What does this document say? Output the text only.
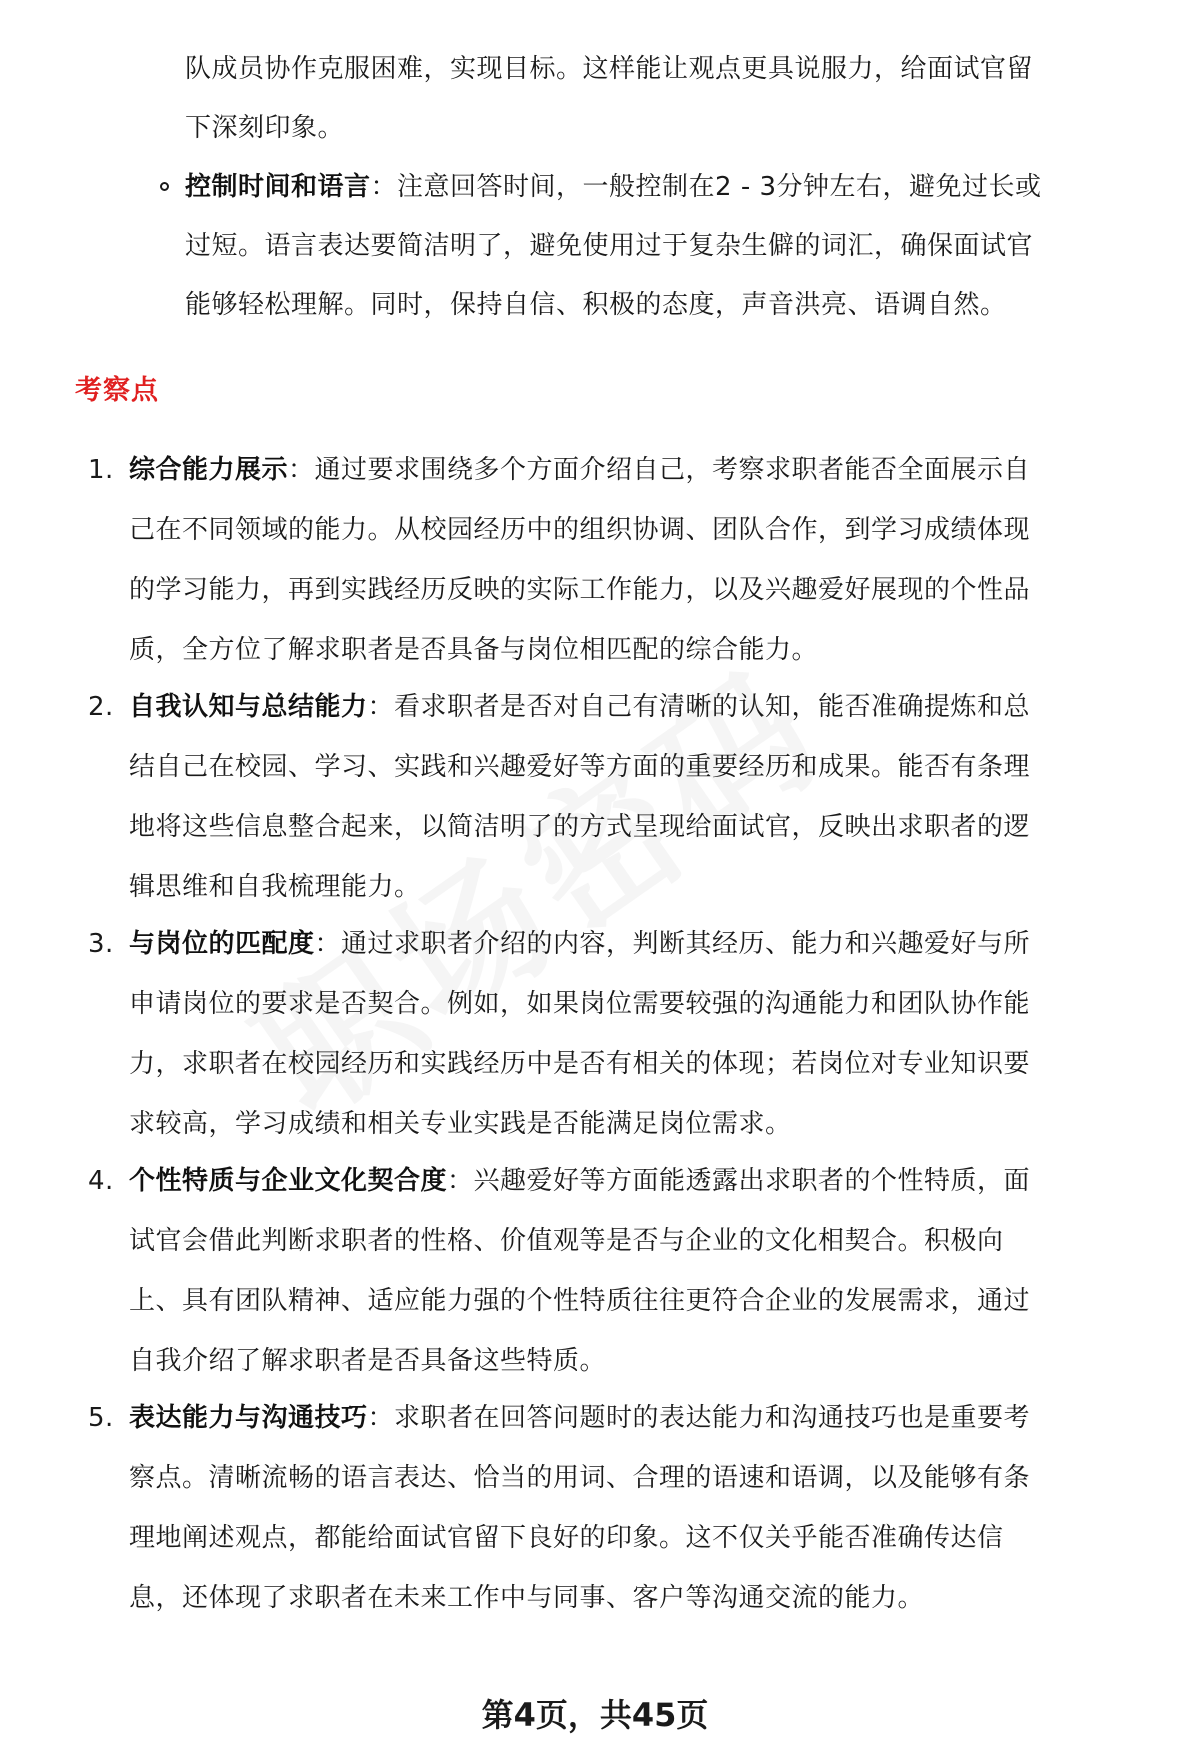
队成员协作克服困难，实现目标。这样能让观点更具说服力，给面试官留
下深刻印象。
控制时间和语言：注意回答时间，一般控制在2 - 3分钟左右，避免过长或
过短。语言表达要简洁明了，避免使用过于复杂生僻的词汇，确保面试官
能够轻松理解。同时，保持自信、积极的态度，声音洪亮、语调自然。
考察点
1. 综合能力展示：通过要求围绕多个方面介绍自己，考察求职者能否全面展示自
己在不同领域的能力。从校园经历中的组织协调、团队合作，到学习成绩体现
的学习能力，再到实践经历反映的实际工作能力，以及兴趣爱好展现的个性品
质，全方位了解求职者是否具备与岗位相匹配的综合能力。
2. 自我认知与总结能力：看求职者是否对自己有清晰的认知，能否准确提炼和总
结自己在校园、学习、实践和兴趣爱好等方面的重要经历和成果。能否有条理
地将这些信息整合起来，以简洁明了的方式呈现给面试官，反映出求职者的逻
辑思维和自我梳理能力。
3. 与岗位的匹配度：通过求职者介绍的内容，判断其经历、能力和兴趣爱好与所
申请岗位的要求是否契合。例如，如果岗位需要较强的沟通能力和团队协作能
力，求职者在校园经历和实践经历中是否有相关的体现；若岗位对专业知识要
求较高，学习成绩和相关专业实践是否能满足岗位需求。
4. 个性特质与企业文化契合度：兴趣爱好等方面能透露出求职者的个性特质，面
试官会借此判断求职者的性格、价值观等是否与企业的文化相契合。积极向
上、具有团队精神、适应能力强的个性特质往往更符合企业的发展需求，通过
自我介绍了解求职者是否具备这些特质。
5. 表达能力与沟通技巧：求职者在回答问题时的表达能力和沟通技巧也是重要考
察点。清晰流畅的语言表达、恰当的用词、合理的语速和语调，以及能够有条
理地阐述观点，都能给面试官留下良好的印象。这不仅关乎能否准确传达信
息，还体现了求职者在未来工作中与同事、客户等沟通交流的能力。
第4页，共45页
